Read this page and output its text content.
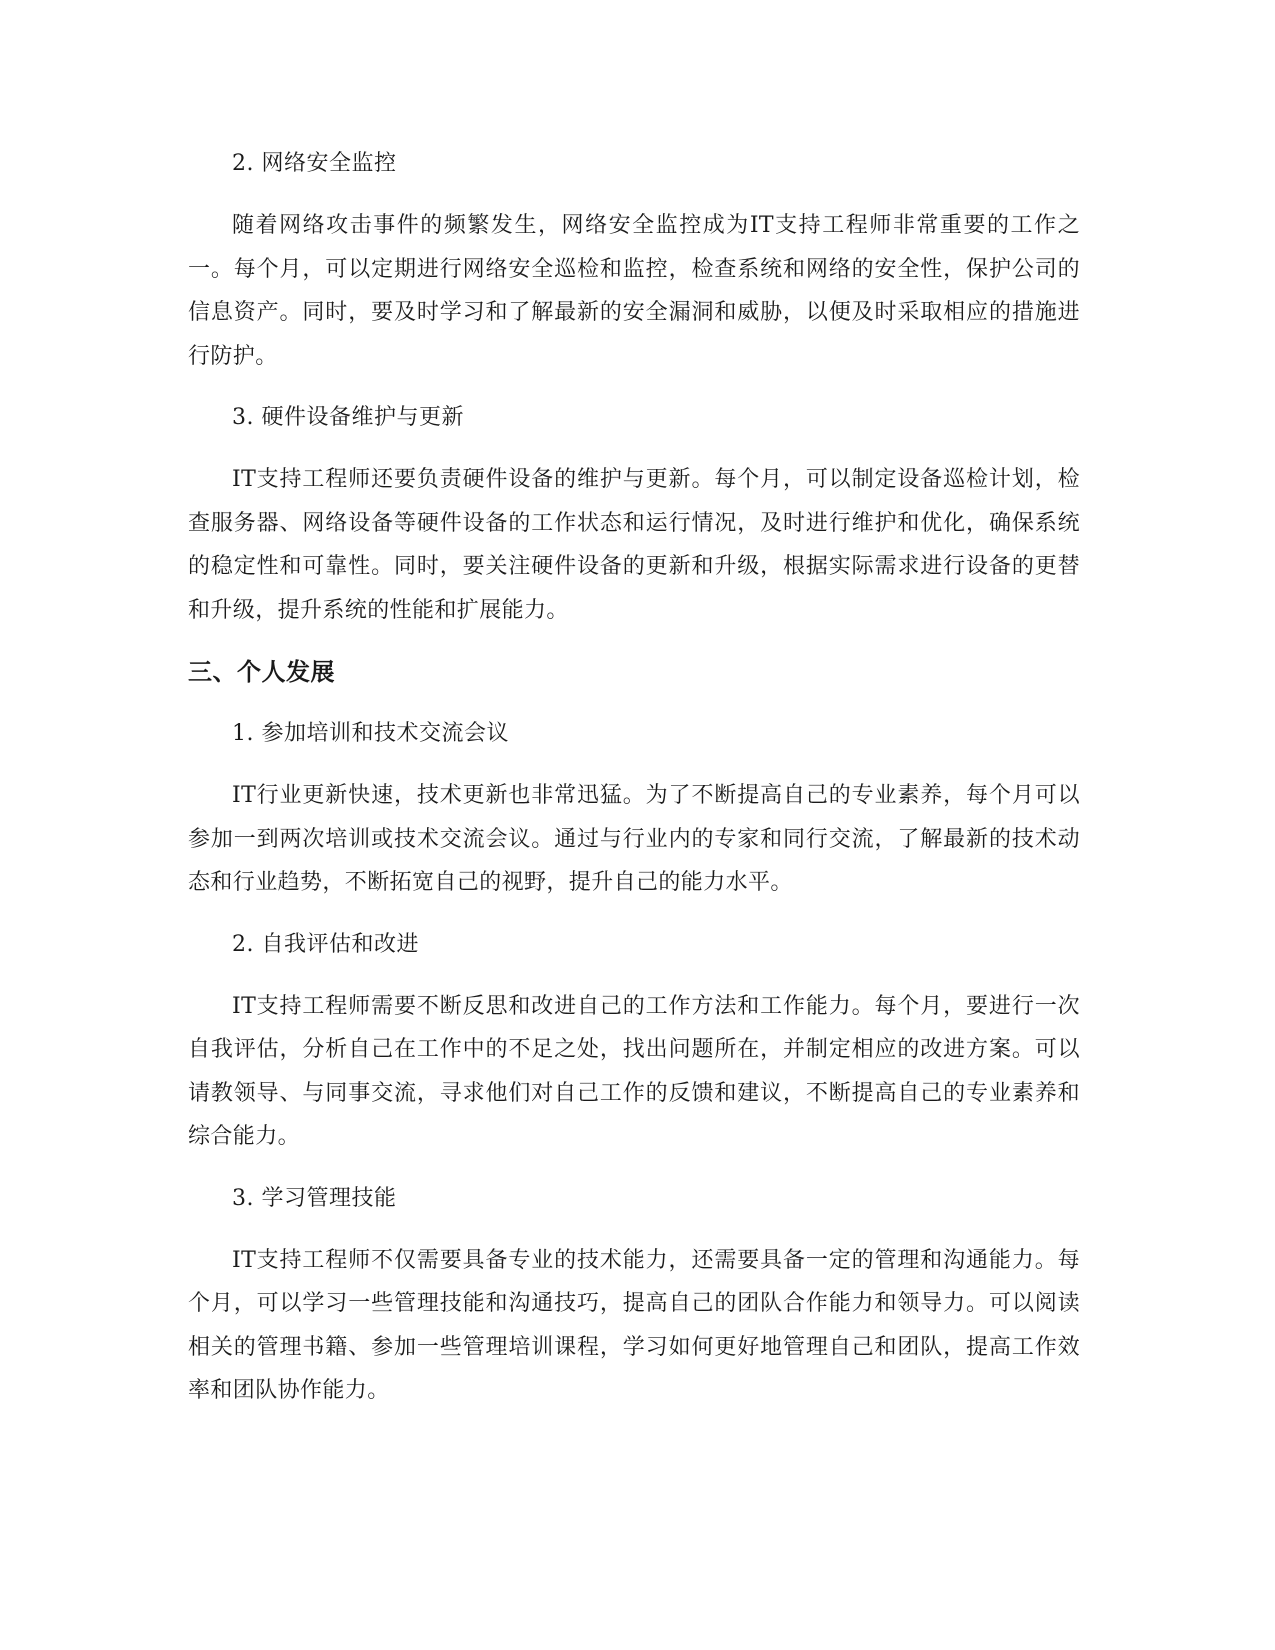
2. 网络安全监控

随着网络攻击事件的频繁发生，网络安全监控成为IT支持工程师非常重要的工作之一。每个月，可以定期进行网络安全巡检和监控，检查系统和网络的安全性，保护公司的信息资产。同时，要及时学习和了解最新的安全漏洞和威胁，以便及时采取相应的措施进行防护。

3. 硬件设备维护与更新

IT支持工程师还要负责硬件设备的维护与更新。每个月，可以制定设备巡检计划，检查服务器、网络设备等硬件设备的工作状态和运行情况，及时进行维护和优化，确保系统的稳定性和可靠性。同时，要关注硬件设备的更新和升级，根据实际需求进行设备的更替和升级，提升系统的性能和扩展能力。

三、个人发展

1. 参加培训和技术交流会议

IT行业更新快速，技术更新也非常迅猛。为了不断提高自己的专业素养，每个月可以参加一到两次培训或技术交流会议。通过与行业内的专家和同行交流，了解最新的技术动态和行业趋势，不断拓宽自己的视野，提升自己的能力水平。

2. 自我评估和改进

IT支持工程师需要不断反思和改进自己的工作方法和工作能力。每个月，要进行一次自我评估，分析自己在工作中的不足之处，找出问题所在，并制定相应的改进方案。可以请教领导、与同事交流，寻求他们对自己工作的反馈和建议，不断提高自己的专业素养和综合能力。

3. 学习管理技能

IT支持工程师不仅需要具备专业的技术能力，还需要具备一定的管理和沟通能力。每个月，可以学习一些管理技能和沟通技巧，提高自己的团队合作能力和领导力。可以阅读相关的管理书籍、参加一些管理培训课程，学习如何更好地管理自己和团队，提高工作效率和团队协作能力。
